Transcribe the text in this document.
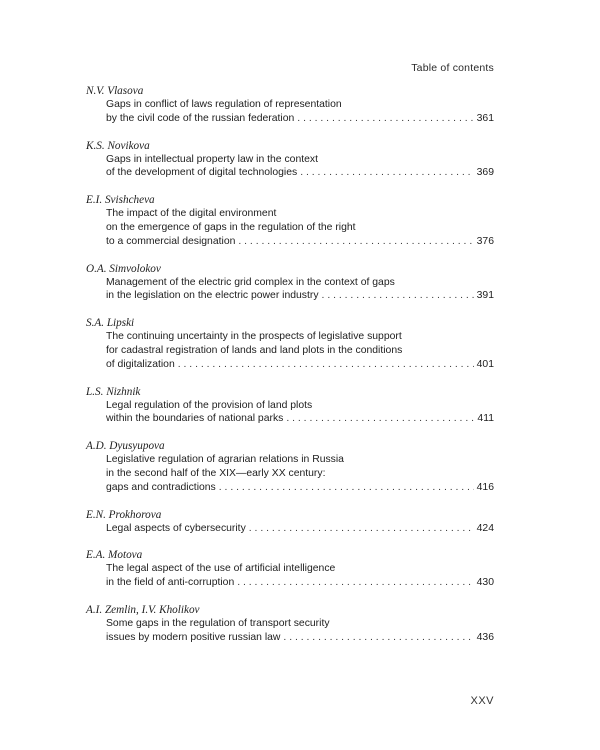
Table of contents
N.V. Vlasova
Gaps in conflict of laws regulation of representation
by the civil code of the russian federation . . .	361
K.S. Novikova
Gaps in intellectual property law in the context
of the development of digital technologies . . .	369
E.I. Svishcheva
The impact of the digital environment
on the emergence of gaps in the regulation of the right
to a commercial designation . . .	376
O.A. Simvolokov
Management of the electric grid complex in the context of gaps
in the legislation on the electric power industry . . .	391
S.A. Lipski
The continuing uncertainty in the prospects of legislative support
for cadastral registration of lands and land plots in the conditions
of digitalization . . .	401
L.S. Nizhnik
Legal regulation of the provision of land plots
within the boundaries of national parks . . .	411
A.D. Dyusyupova
Legislative regulation of agrarian relations in Russia
in the second half of the XIX—early XX century:
gaps and contradictions . . .	416
E.N. Prokhorova
Legal aspects of cybersecurity . . .	424
E.A. Motova
The legal aspect of the use of artificial intelligence
in the field of anti-corruption . . .	430
A.I. Zemlin, I.V. Kholikov
Some gaps in the regulation of transport security
issues by modern positive russian law . . .	436
XXV
